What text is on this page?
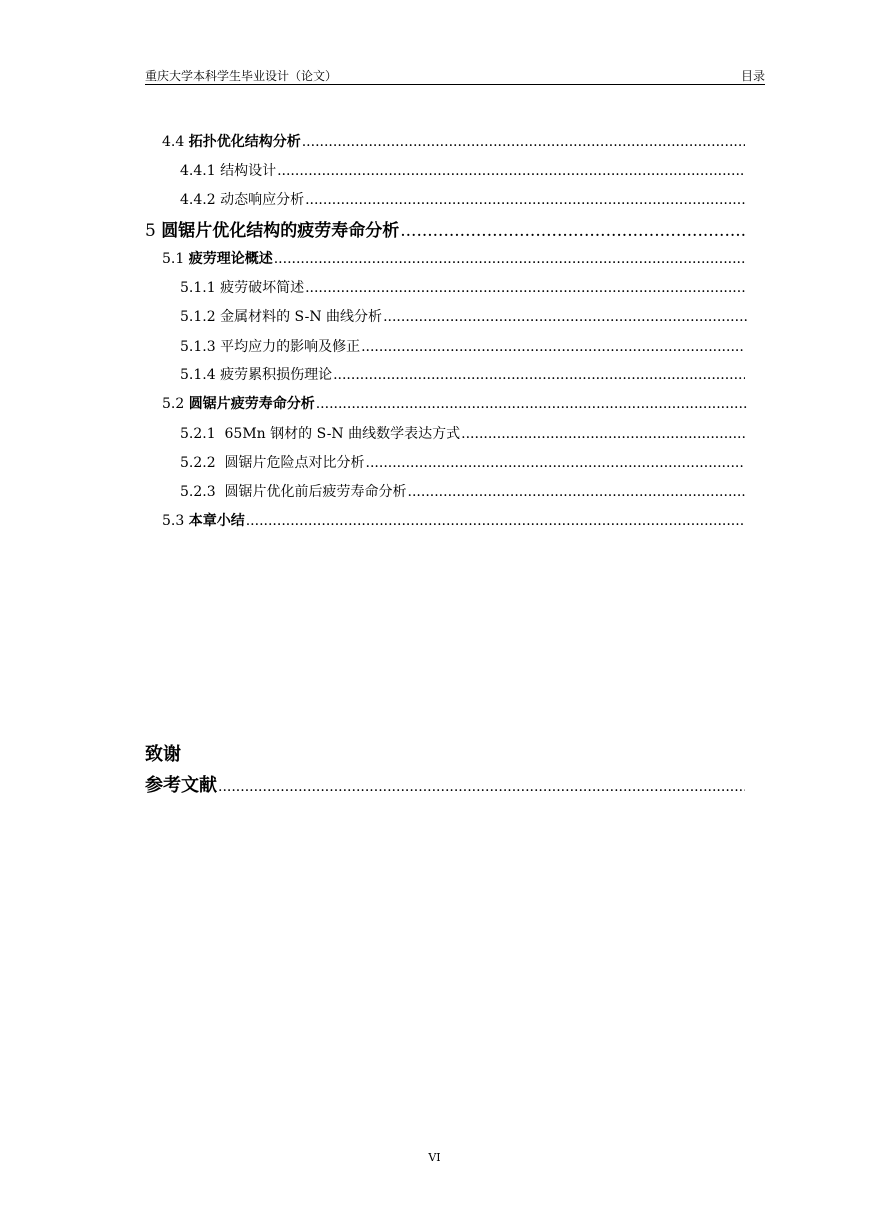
重庆大学本科学生毕业设计（论文）	目录
4.4 拓扑优化结构分析
.....
4.4.1 结构设计
.....
4.4.2 动态响应分析
.....
5 圆锯片优化结构的疲劳寿命分析
.....
5.1 疲劳理论概述
.....
5.1.1 疲劳破坏简述
.....
5.1.2 金属材料的 S-N 曲线分析
.....
5.1.3 平均应力的影响及修正
.....
5.1.4 疲劳累积损伤理论
.....
5.2 圆锯片疲劳寿命分析
.....
5.2.1 65Mn 钢材的 S-N 曲线数学表达方式
.....
5.2.2 圆锯片危险点对比分析
.....
5.2.3 圆锯片优化前后疲劳寿命分析
.....
5.3 本章小结
.....
致谢
参考文献
.....
VI
